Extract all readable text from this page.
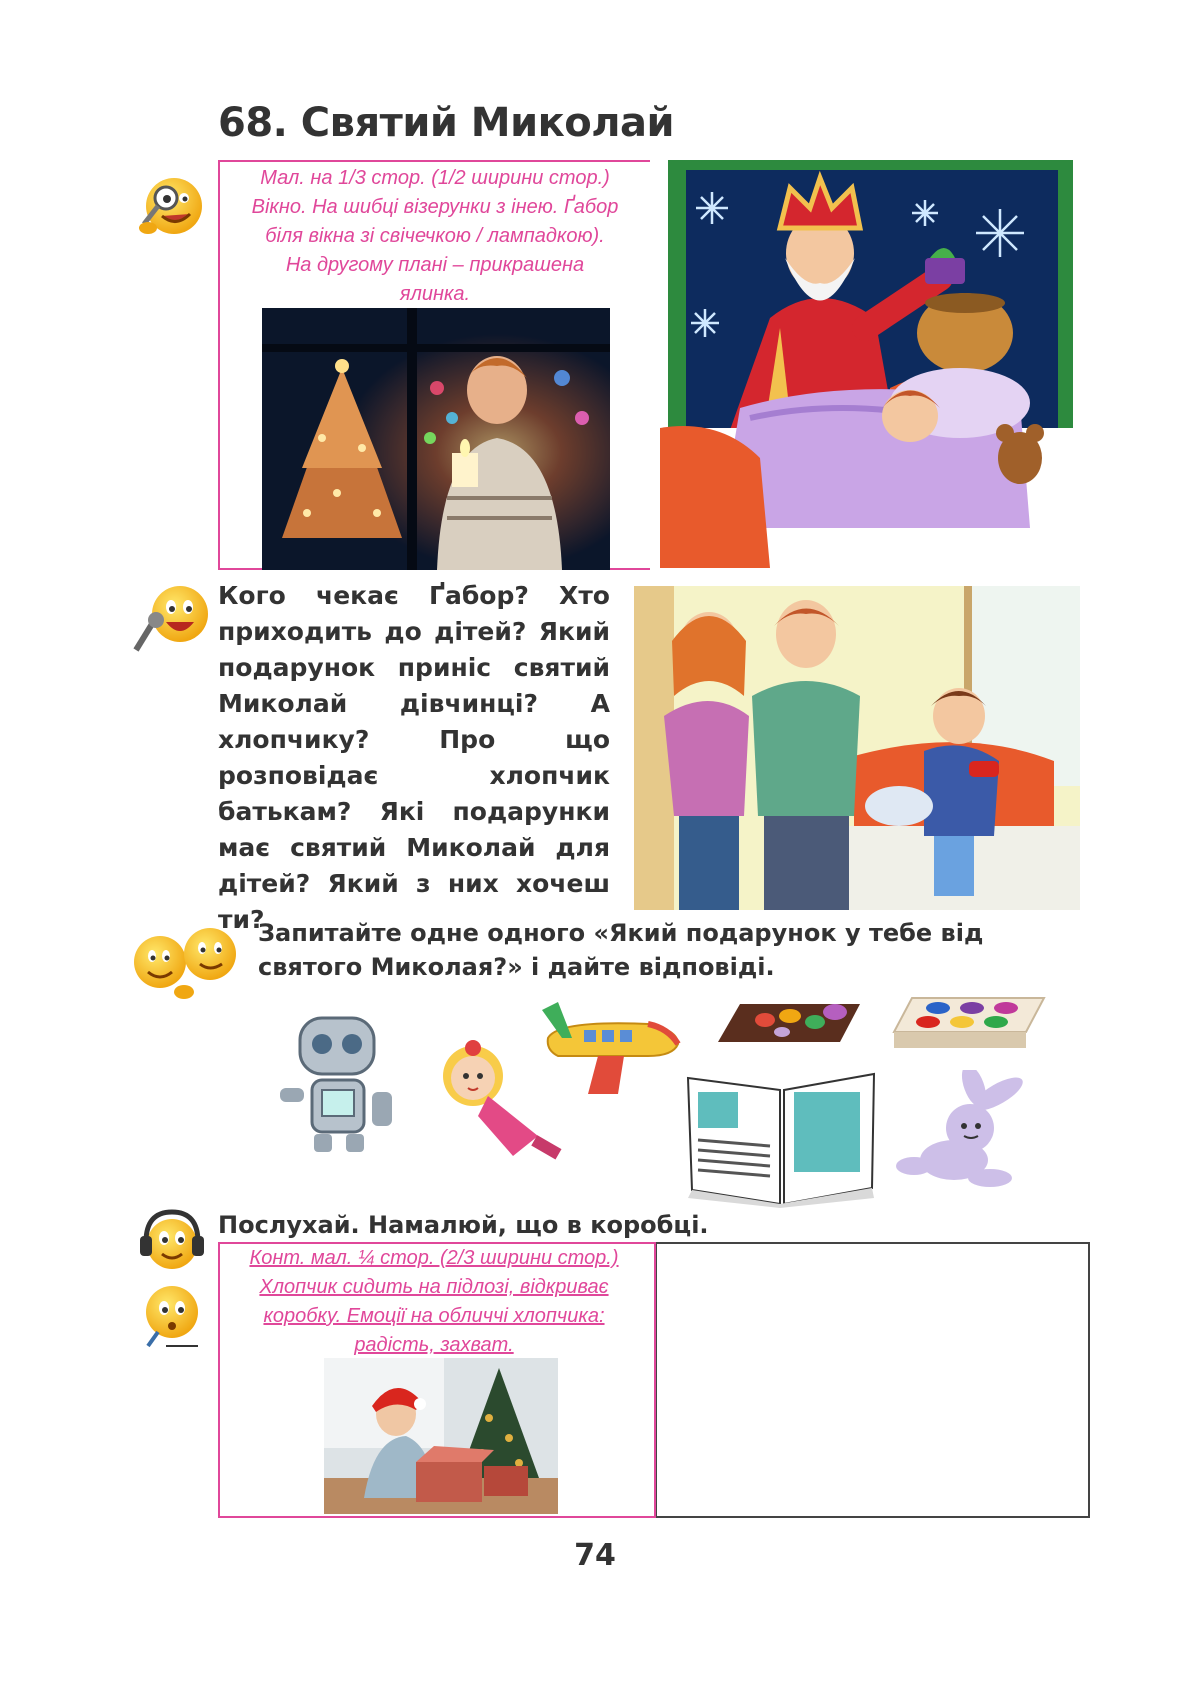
68. Святий Миколай
Мал. на 1/3 стор. (1/2 ширини стор.) Вікно. На шибці візерунки з інею. Ґабор біля вікна зі свічечкою / лампадкою). На другому плані – прикрашена ялинка.
Кого чекає Ґабор? Хто приходить до дітей? Який подарунок приніс святий Миколай дівчинці? А хлопчику? Про що розповідає хлопчик батькам? Які подарунки має святий Миколай для дітей? Який з них хочеш ти?
Запитайте одне одного «Який подарунок у тебе від святого Миколая?» і дайте відповіді.
Послухай. Намалюй, що в коробці.
Конт. мал. ¼ стор. (2/3 ширини стор.) Хлопчик сидить на підлозі, відкриває коробку. Емоції на обличчі хлопчика: радість, захват.
74
